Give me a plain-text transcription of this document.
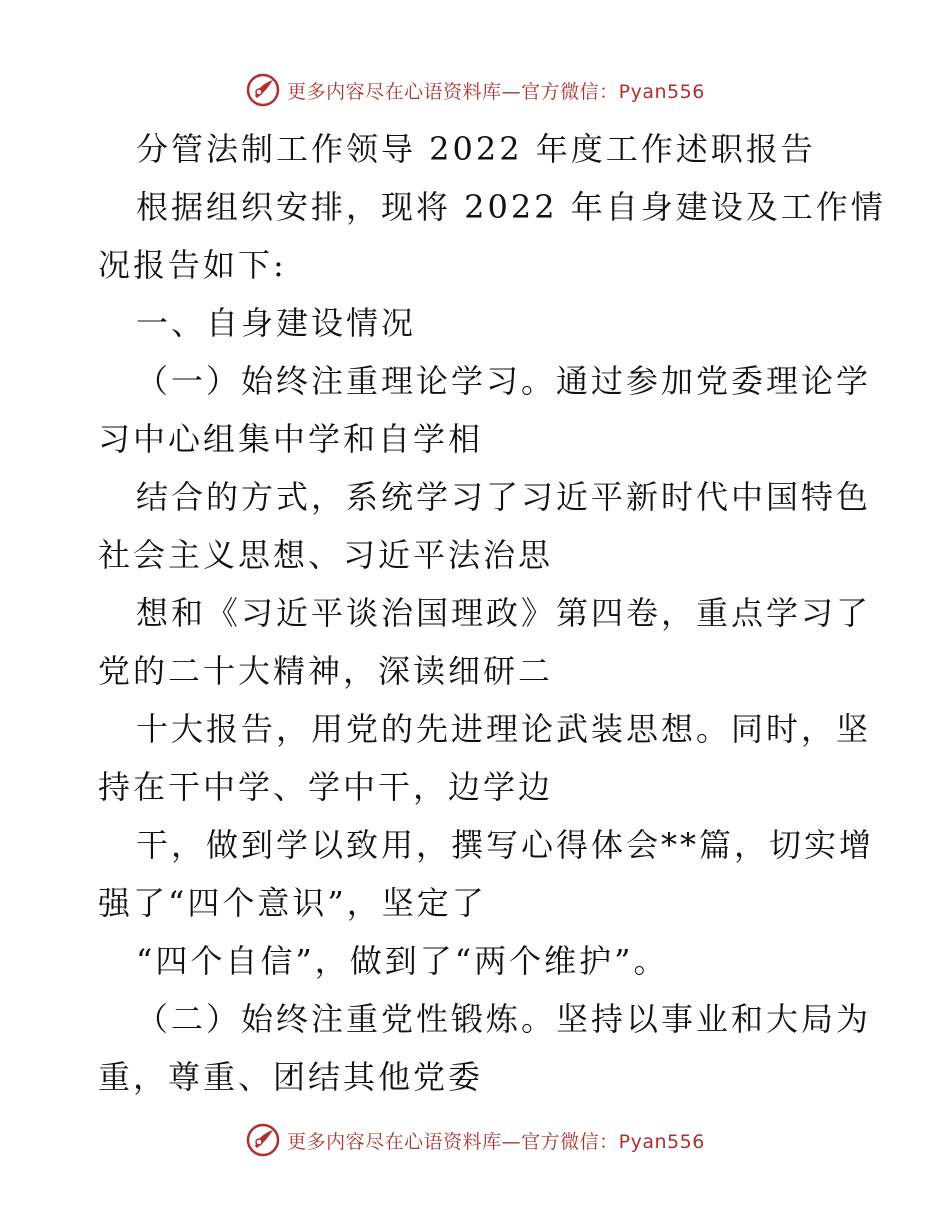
更多内容尽在心语资料库—官方微信：Pyan556
分管法制工作领导 2022 年度工作述职报告
根据组织安排，现将 2022 年自身建设及工作情
况报告如下:
一、自身建设情况
（一）始终注重理论学习。通过参加党委理论学
习中心组集中学和自学相
结合的方式，系统学习了习近平新时代中国特色
社会主义思想、习近平法治思
想和《习近平谈治国理政》第四卷，重点学习了
党的二十大精神，深读细研二
十大报告，用党的先进理论武装思想。同时，坚
持在干中学、学中干，边学边
干，做到学以致用，撰写心得体会**篇，切实增
强了“四个意识”，坚定了
“四个自信”，做到了“两个维护”。
（二）始终注重党性锻炼。坚持以事业和大局为
重，尊重、团结其他党委
更多内容尽在心语资料库—官方微信：Pyan556
